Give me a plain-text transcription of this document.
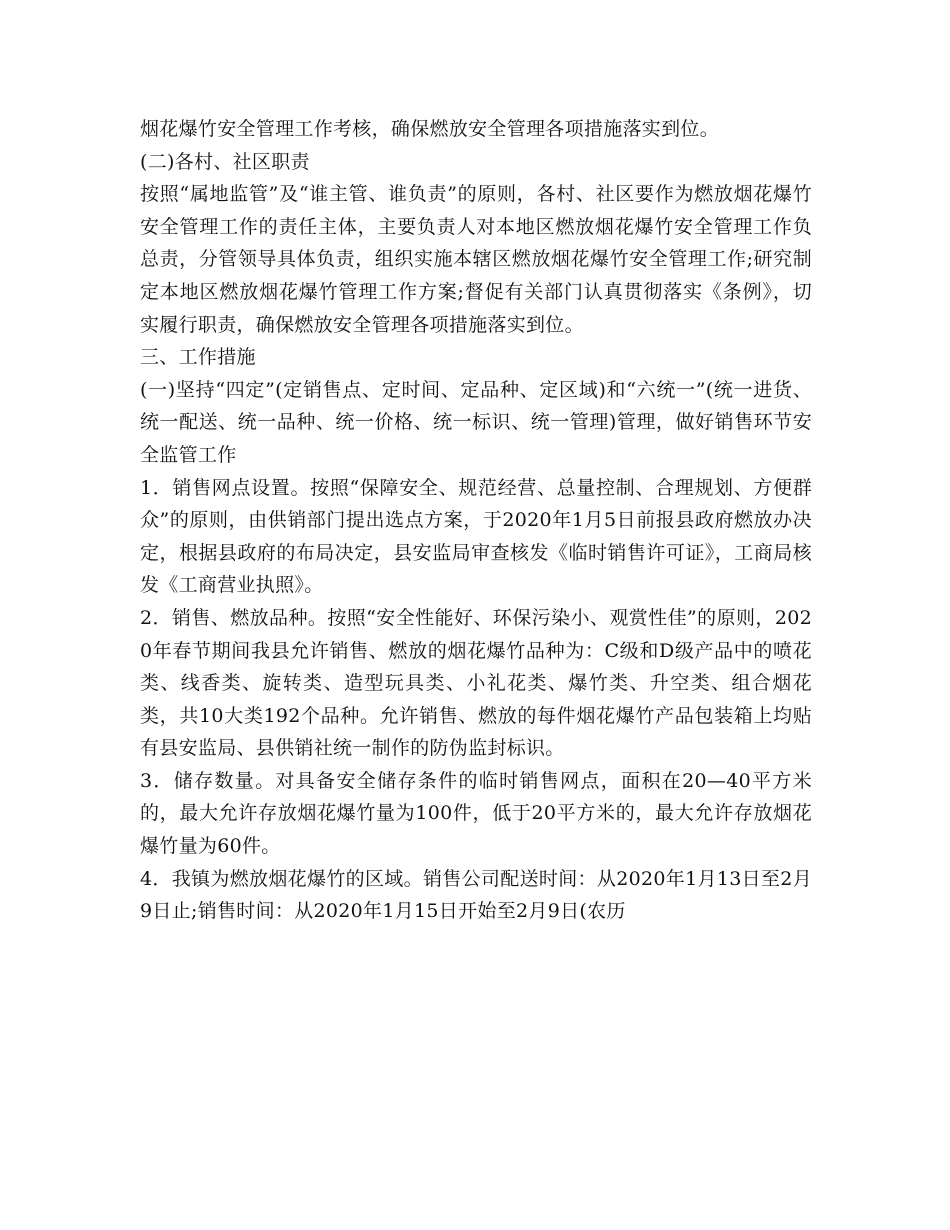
烟花爆竹安全管理工作考核，确保燃放安全管理各项措施落实到位。

(二)各村、社区职责

按照“属地监管”及“谁主管、谁负责”的原则，各村、社区要作为燃放烟花爆竹安全管理工作的责任主体，主要负责人对本地区燃放烟花爆竹安全管理工作负总责，分管领导具体负责，组织实施本辖区燃放烟花爆竹安全管理工作;研究制定本地区燃放烟花爆竹管理工作方案;督促有关部门认真贯彻落实《条例》，切实履行职责，确保燃放安全管理各项措施落实到位。

三、工作措施

(一)坚持“四定”(定销售点、定时间、定品种、定区域)和“六统一”(统一进货、统一配送、统一品种、统一价格、统一标识、统一管理)管理，做好销售环节安全监管工作

1．销售网点设置。按照“保障安全、规范经营、总量控制、合理规划、方便群众”的原则，由供销部门提出选点方案，于2020年1月5日前报县政府燃放办决定，根据县政府的布局决定，县安监局审查核发《临时销售许可证》，工商局核发《工商营业执照》。

2．销售、燃放品种。按照“安全性能好、环保污染小、观赏性佳”的原则，2020年春节期间我县允许销售、燃放的烟花爆竹品种为：C级和D级产品中的喷花类、线香类、旋转类、造型玩具类、小礼花类、爆竹类、升空类、组合烟花类，共10大类192个品种。允许销售、燃放的每件烟花爆竹产品包装箱上均贴有县安监局、县供销社统一制作的防伪监封标识。

3．储存数量。对具备安全储存条件的临时销售网点，面积在20—40平方米的，最大允许存放烟花爆竹量为100件，低于20平方米的，最大允许存放烟花爆竹量为60件。

4．我镇为燃放烟花爆竹的区域。销售公司配送时间：从2020年1月13日至2月9日止;销售时间：从2020年1月15日开始至2月9日(农历
